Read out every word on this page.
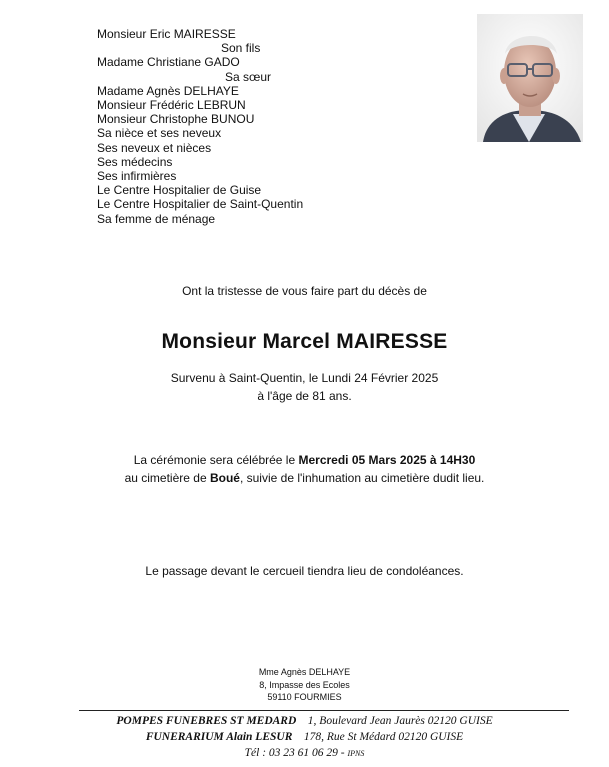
Monsieur Eric MAIRESSE
Son fils
Madame Christiane GADO
Sa sœur
Madame Agnès DELHAYE
Monsieur Frédéric LEBRUN
Monsieur Christophe BUNOU
Sa nièce et ses neveux
Ses neveux et nièces
Ses médecins
Ses infirmières
Le Centre Hospitalier de Guise
Le Centre Hospitalier de Saint-Quentin
Sa femme de ménage
Ont la tristesse de vous faire part du décès de
Monsieur Marcel MAIRESSE
Survenu à Saint-Quentin, le Lundi 24 Février 2025
à l'âge de 81 ans.
La cérémonie sera célébrée le Mercredi 05 Mars 2025 à 14H30
au cimetière de Boué, suivie de l'inhumation au cimetière dudit lieu.
Le passage devant le cercueil tiendra lieu de condoléances.
Mme Agnès DELHAYE
8, Impasse des Ecoles
59110 FOURMIES
POMPES FUNEBRES ST MEDARD 1, Boulevard Jean Jaurès 02120 GUISE
FUNERARIUM Alain LESUR 178, Rue St Médard 02120 GUISE
Tél : 03 23 61 06 29 - IPNS
